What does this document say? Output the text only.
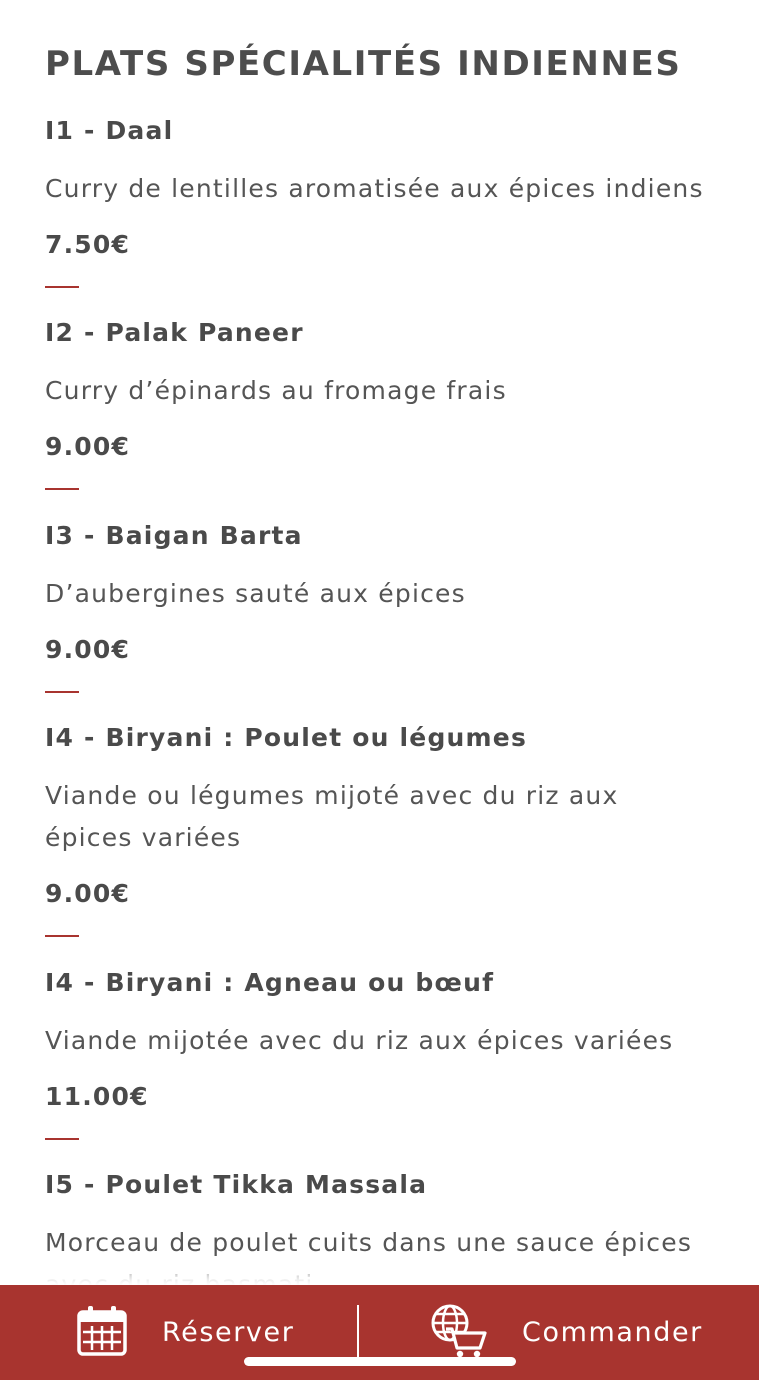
PLATS SPÉCIALITÉS INDIENNES
I1 - Daal
Curry de lentilles aromatisée aux épices indiens
7.50€
I2 - Palak Paneer
Curry d’épinards au fromage frais
9.00€
I3 - Baigan Barta
D’aubergines sauté aux épices
9.00€
I4 - Biryani : Poulet ou légumes
Viande ou légumes mijoté avec du riz aux épices variées
9.00€
I4 - Biryani : Agneau ou bœuf
Viande mijotée avec du riz aux épices variées
11.00€
I5 - Poulet Tikka Massala
Morceau de poulet cuits dans une sauce épices
Réserver	Commander
